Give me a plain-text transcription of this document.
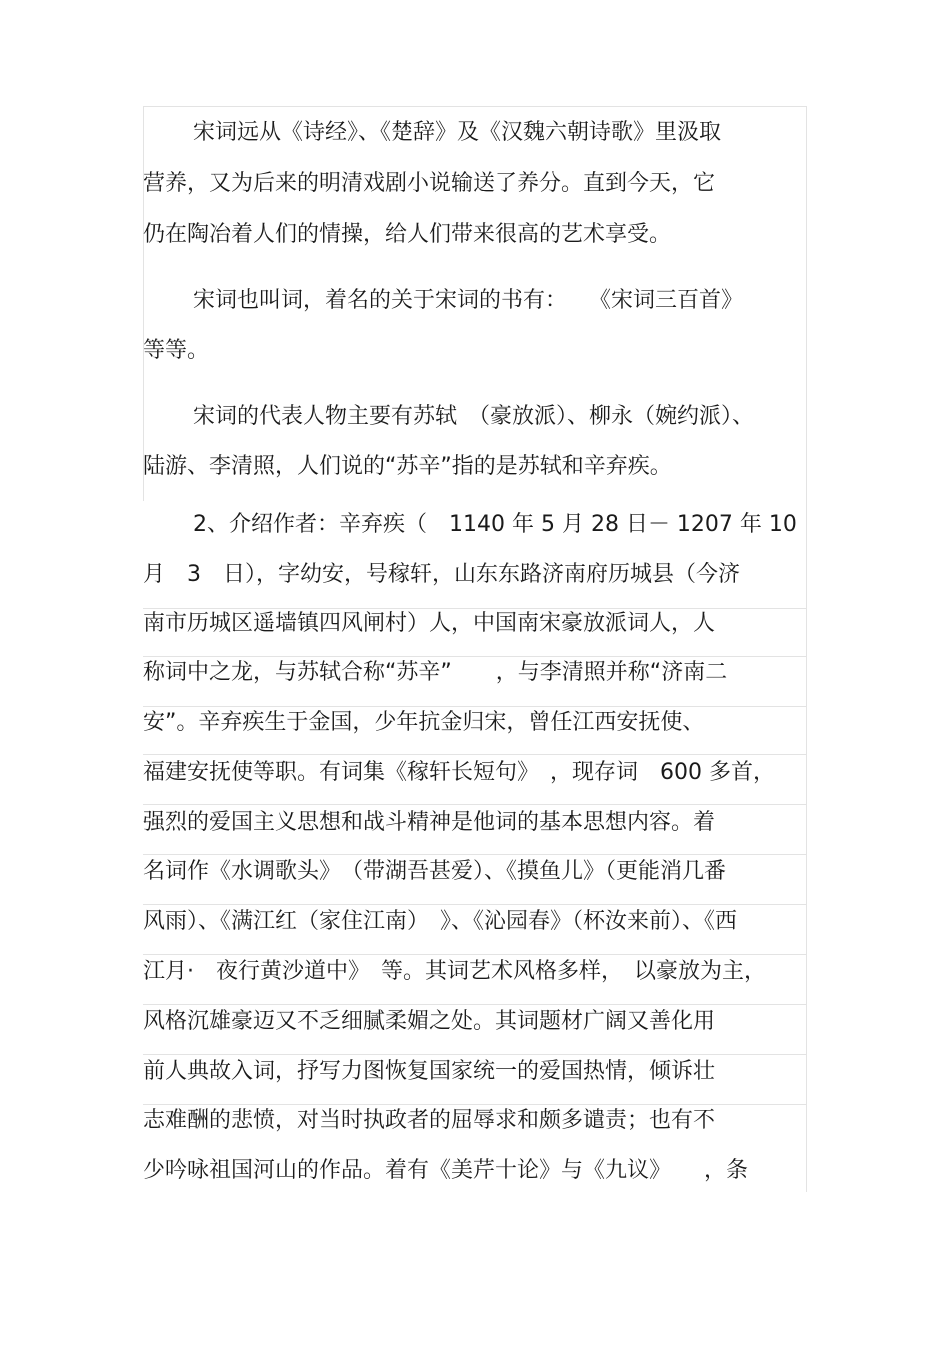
宋词远从《诗经》、《楚辞》及《汉魏六朝诗歌》里汲取
营养，又为后来的明清戏剧小说输送了养分。直到今天，它
仍在陶冶着人们的情操，给人们带来很高的艺术享受。
宋词也叫词，着名的关于宋词的书有：　　《宋词三百首》
等等。
宋词的代表人物主要有苏轼　（豪放派）、柳永（婉约派）、
陆游、李清照，人们说的“苏辛”指的是苏轼和辛弃疾。
2、介绍作者：辛弃疾（　1140 年 5 月 28 日－ 1207 年 10
月　3　日），字幼安，号稼轩，山东东路济南府历城县（今济
南市历城区遥墙镇四风闸村）人，中国南宋豪放派词人，人
称词中之龙，与苏轼合称“苏辛”　　，与李清照并称“济南二
安”。辛弃疾生于金国，少年抗金归宋，曾任江西安抚使、
福建安抚使等职。有词集《稼轩长短句》　，现存词　600 多首，
强烈的爱国主义思想和战斗精神是他词的基本思想内容。着
名词作《水调歌头》　（带湖吾甚爱）、《摸鱼儿》（更能消几番
风雨）、《满江红（家住江南）　》、《沁园春》（杯汝来前）、《西
江月·　夜行黄沙道中》　等。其词艺术风格多样，　以豪放为主，
风格沉雄豪迈又不乏细腻柔媚之处。其词题材广阔又善化用
前人典故入词，抒写力图恢复国家统一的爱国热情，倾诉壮
志难酬的悲愤，对当时执政者的屈辱求和颇多谴责；也有不
少吟咏祖国河山的作品。着有《美芹十论》与《九议》　　，条
